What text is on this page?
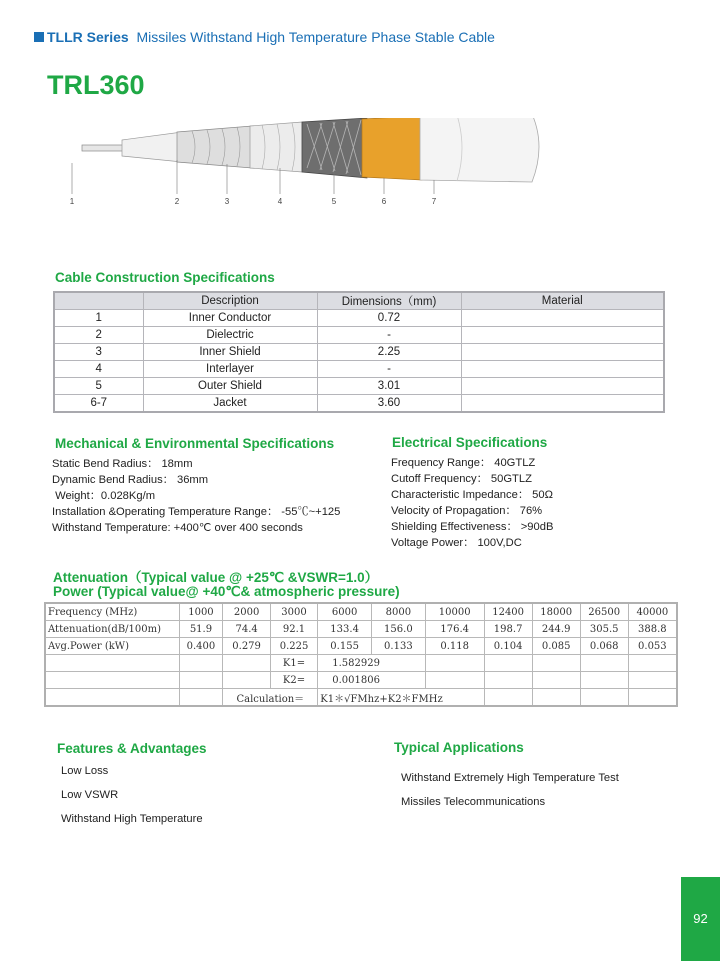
TLLR Series Missiles Withstand High Temperature Phase Stable Cable
TRL360
1	2	3	4	5	6	7
Cable Construction Specifications
	Description	Dimensions（mm)	Material
1	Inner Conductor	0.72	
2	Dielectric	-	
3	Inner Shield	2.25	
4	Interlayer	-	
5	Outer Shield	3.01	
6-7	Jacket	3.60	
Mechanical & Environmental Specifications
Static Bend Radius： 18mm
Dynamic Bend Radius： 36mm
Weight：0.028Kg/m
Installation &Operating Temperature Range： -55℃~+125
Withstand Temperature: +400℃ over 400 seconds
Electrical Specifications
Frequency Range： 40GTLZ
Cutoff Frequency： 50GTLZ
Characteristic Impedance： 50Ω
Velocity of Propagation： 76%
Shielding Effectiveness： >90dB
Voltage Power： 100V,DC
Attenuation（Typical value @ +25℃ &VSWR=1.0）
Power (Typical value@ +40℃& atmospheric pressure)
Frequency (MHz)	1000	2000	3000	6000	8000	10000	12400	18000	26500	40000
Attenuation(dB/100m)	51.9	74.4	92.1	133.4	156.0	176.4	198.7	244.9	305.5	388.8
Avg.Power (kW)	0.400	0.279	0.225	0.155	0.133	0.118	0.104	0.085	0.068	0.053
			K1=	1.582929						
			K2=	0.001806						
		Calculation＝		K1＊√FMhz+K2＊FMHz						
Features & Advantages
Low Loss
Low VSWR
Withstand High Temperature
Typical Applications
Withstand Extremely High Temperature Test
Missiles Telecommunications
92
